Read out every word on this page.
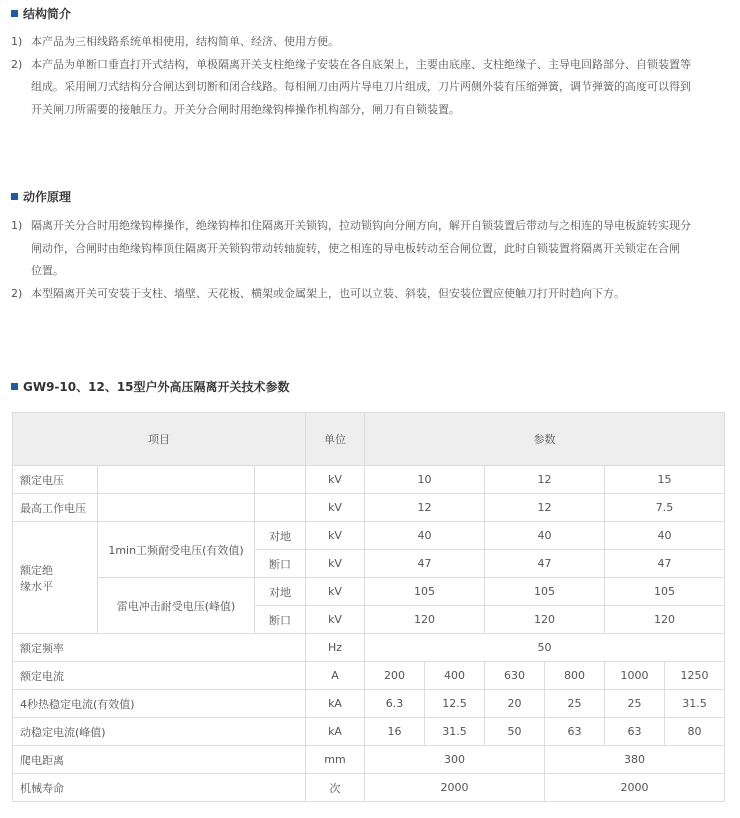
结构简介
1) 本产品为三相线路系统单相使用，结构简单、经济、使用方便。
2) 本产品为单断口垂直打开式结构，单极隔离开关支柱绝缘子安装在各自底架上，主要由底座、支柱绝缘子、主导电回路部分、自锁装置等
组成。采用闸刀式结构分合闸达到切断和闭合线路。每相闸刀由两片导电刀片组成，刀片两侧外装有压缩弹簧，调节弹簧的高度可以得到
开关闸刀所需要的接触压力。开关分合闸时用绝缘钩棒操作机构部分，闸刀有自锁装置。
动作原理
1) 隔离开关分合时用绝缘钩棒操作，绝缘钩棒扣住隔离开关锁钩，拉动锁钩向分闸方向，解开自锁装置后带动与之相连的导电板旋转实现分
闸动作，合闸时由绝缘钩棒顶住隔离开关锁钩带动转轴旋转，使之相连的导电板转动至合闸位置，此时自锁装置将隔离开关锁定在合闸
位置。
2) 本型隔离开关可安装于支柱、墙壁、天花板、横架或金属架上，也可以立装、斜装，但安装位置应使触刀打开时趋向下方。
GW9-10、12、15型户外高压隔离开关技术参数
项目			单位	参数					
额定电压			kV	10		12		15	
最高工作电压			kV	12		12		7.5	

额定绝
缘水平	1min工频耐受电压(有效值)	对地	kV	40		40		40	
		断口	kV	47		47		47	
	雷电冲击耐受电压(峰值)	对地	kV	105		105		105	
		断口	kV	120		120		120	
额定频率			Hz	50					
额定电流			A	200	400	630	800	1000	1250
4秒热稳定电流(有效值)			kA	6.3	12.5	20	25	25	31.5
动稳定电流(峰值)			kA	16	31.5	50	63	63	80
爬电距离			mm	300			380		
机械寿命			次	2000			2000		
